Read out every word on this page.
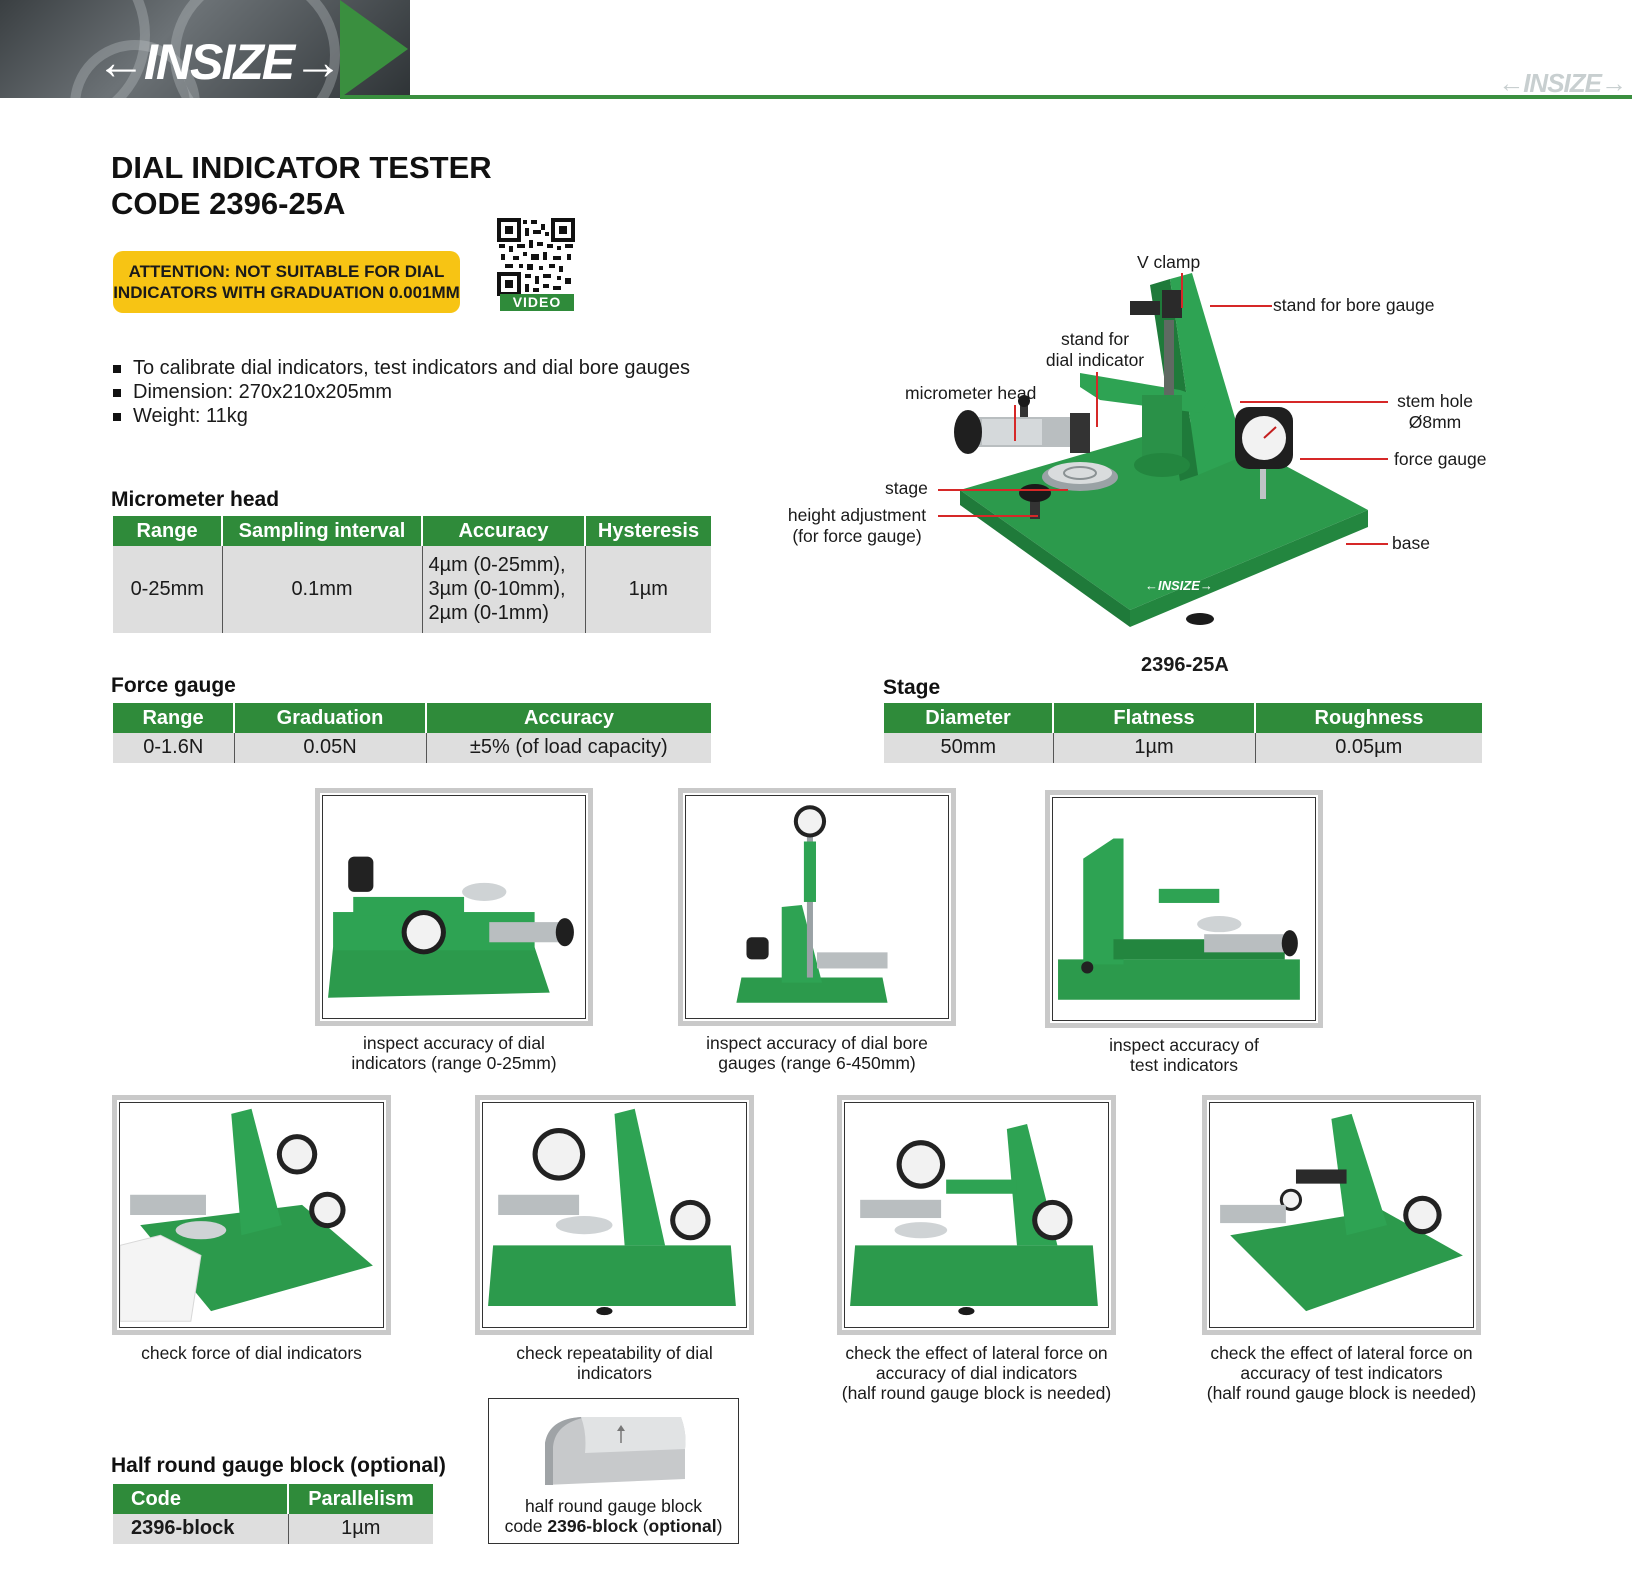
←INSIZE→	←INSIZE→
DIAL INDICATOR TESTER
CODE 2396-25A
ATTENTION: NOT SUITABLE FOR DIAL
INDICATORS WITH GRADUATION 0.001MM	VIDEO
To calibrate dial indicators, test indicators and dial bore gauges
Dimension: 270x210x205mm
Weight: 11kg
Micrometer head
Range	Sampling interval	Accuracy	Hysteresis
0-25mm	0.1mm	4µm (0-25mm),
3µm (0-10mm),
2µm (0-1mm)	1µm
Force gauge
Range	Graduation	Accuracy
0-1.6N	0.05N	±5% (of load capacity)
Stage
Diameter	Flatness	Roughness
50mm	1µm	0.05µm
←INSIZE→
V clamp
stand for bore gauge
stand for
dial indicator
micrometer head	stem hole
Ø8mm
force gauge
stage
height adjustment
(for force gauge)	base
2396-25A
inspect accuracy of dial
indicators (range 0-25mm)
inspect accuracy of dial bore
gauges (range 6-450mm)
inspect accuracy of
test indicators
check force of dial indicators	check repeatability of dial
indicators
check the effect of lateral force on
accuracy of dial indicators
(half round gauge block is needed)
check the effect of lateral force on
accuracy of test indicators
(half round gauge block is needed)
Half round gauge block (optional)
Code	Parallelism
2396-block	1µm
half round gauge block
code 2396-block (optional)
